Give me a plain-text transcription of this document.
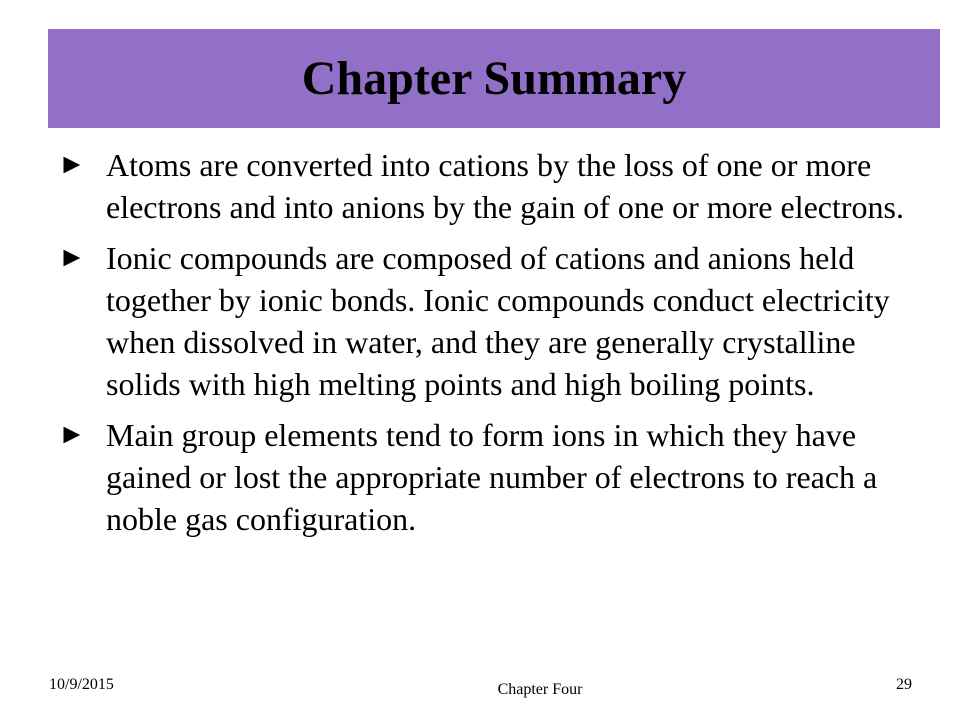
Chapter Summary
► Atoms are converted into cations by the loss of one or more electrons and into anions by the gain of one or more electrons.
► Ionic compounds are composed of cations and anions held together by ionic bonds. Ionic compounds conduct electricity when dissolved in water, and they are generally crystalline solids with high melting points and high boiling points.
► Main group elements tend to form ions in which they have gained or lost the appropriate number of electrons to reach a noble gas configuration.
10/9/2015	Chapter Four	29
